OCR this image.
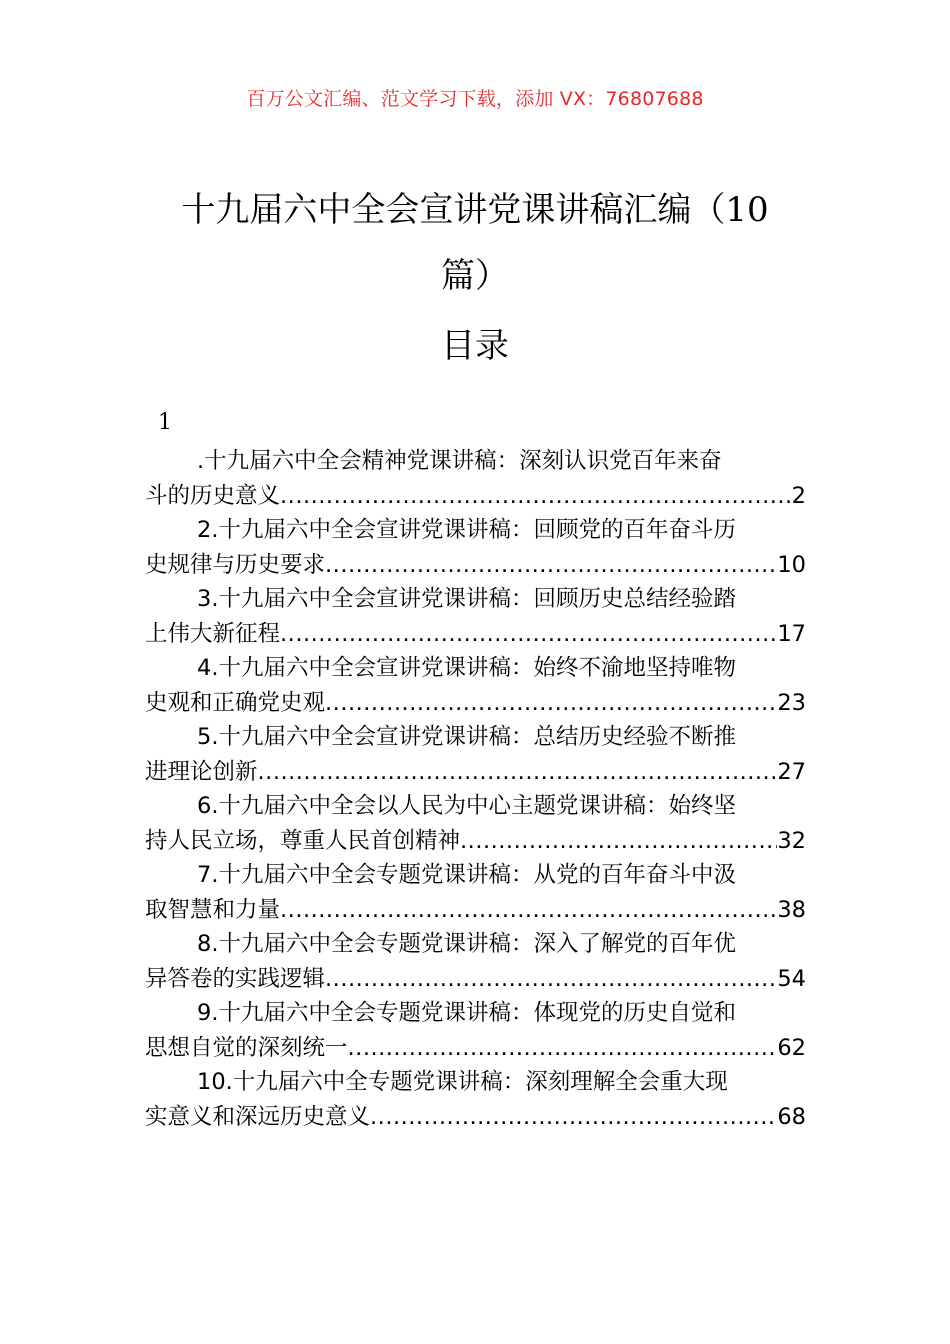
百万公文汇编、范文学习下载，添加 VX：76807688
十九届六中全会宣讲党课讲稿汇编（10
篇）
目录
1
.十九届六中全会精神党课讲稿：深刻认识党百年来奋
斗的历史意义 .....	2
2.十九届六中全会宣讲党课讲稿：回顾党的百年奋斗历
史规律与历史要求 .....	10
3.十九届六中全会宣讲党课讲稿：回顾历史总结经验踏
上伟大新征程 .....	17
4.十九届六中全会宣讲党课讲稿：始终不渝地坚持唯物
史观和正确党史观 .....	23
5.十九届六中全会宣讲党课讲稿：总结历史经验不断推
进理论创新 .....	27
6.十九届六中全会以人民为中心主题党课讲稿：始终坚
持人民立场，尊重人民首创精神 .....	32
7.十九届六中全会专题党课讲稿：从党的百年奋斗中汲
取智慧和力量 .....	38
8.十九届六中全会专题党课讲稿：深入了解党的百年优
异答卷的实践逻辑 .....	54
9.十九届六中全会专题党课讲稿：体现党的历史自觉和
思想自觉的深刻统一 .....	62
10.十九届六中全专题党课讲稿：深刻理解全会重大现
实意义和深远历史意义 .....	68
